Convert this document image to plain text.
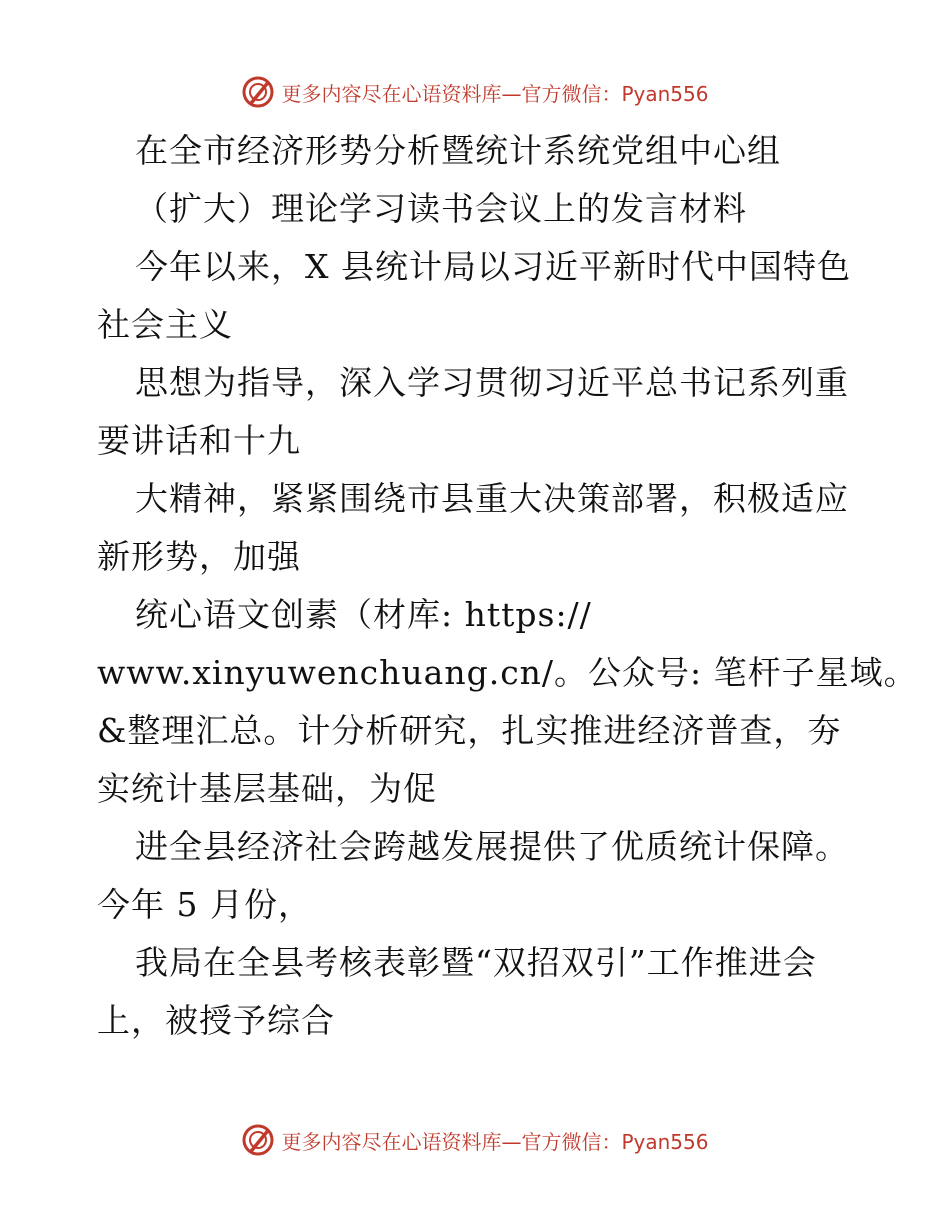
更多内容尽在心语资料库—官方微信：Pyan556
在全市经济形势分析暨统计系统党组中心组
（扩大）理论学习读书会议上的发言材料
今年以来，X 县统计局以习近平新时代中国特色
社会主义
思想为指导，深入学习贯彻习近平总书记系列重
要讲话和十九
大精神，紧紧围绕市县重大决策部署，积极适应
新形势，加强
统心语文创素（材库: https://
www.xinyuwenchuang.cn/。公众号: 笔杆子星域。
&整理汇总。计分析研究，扎实推进经济普查，夯
实统计基层基础，为促
进全县经济社会跨越发展提供了优质统计保障。
今年 5 月份，
我局在全县考核表彰暨“双招双引”工作推进会
上，被授予综合
更多内容尽在心语资料库—官方微信：Pyan556
